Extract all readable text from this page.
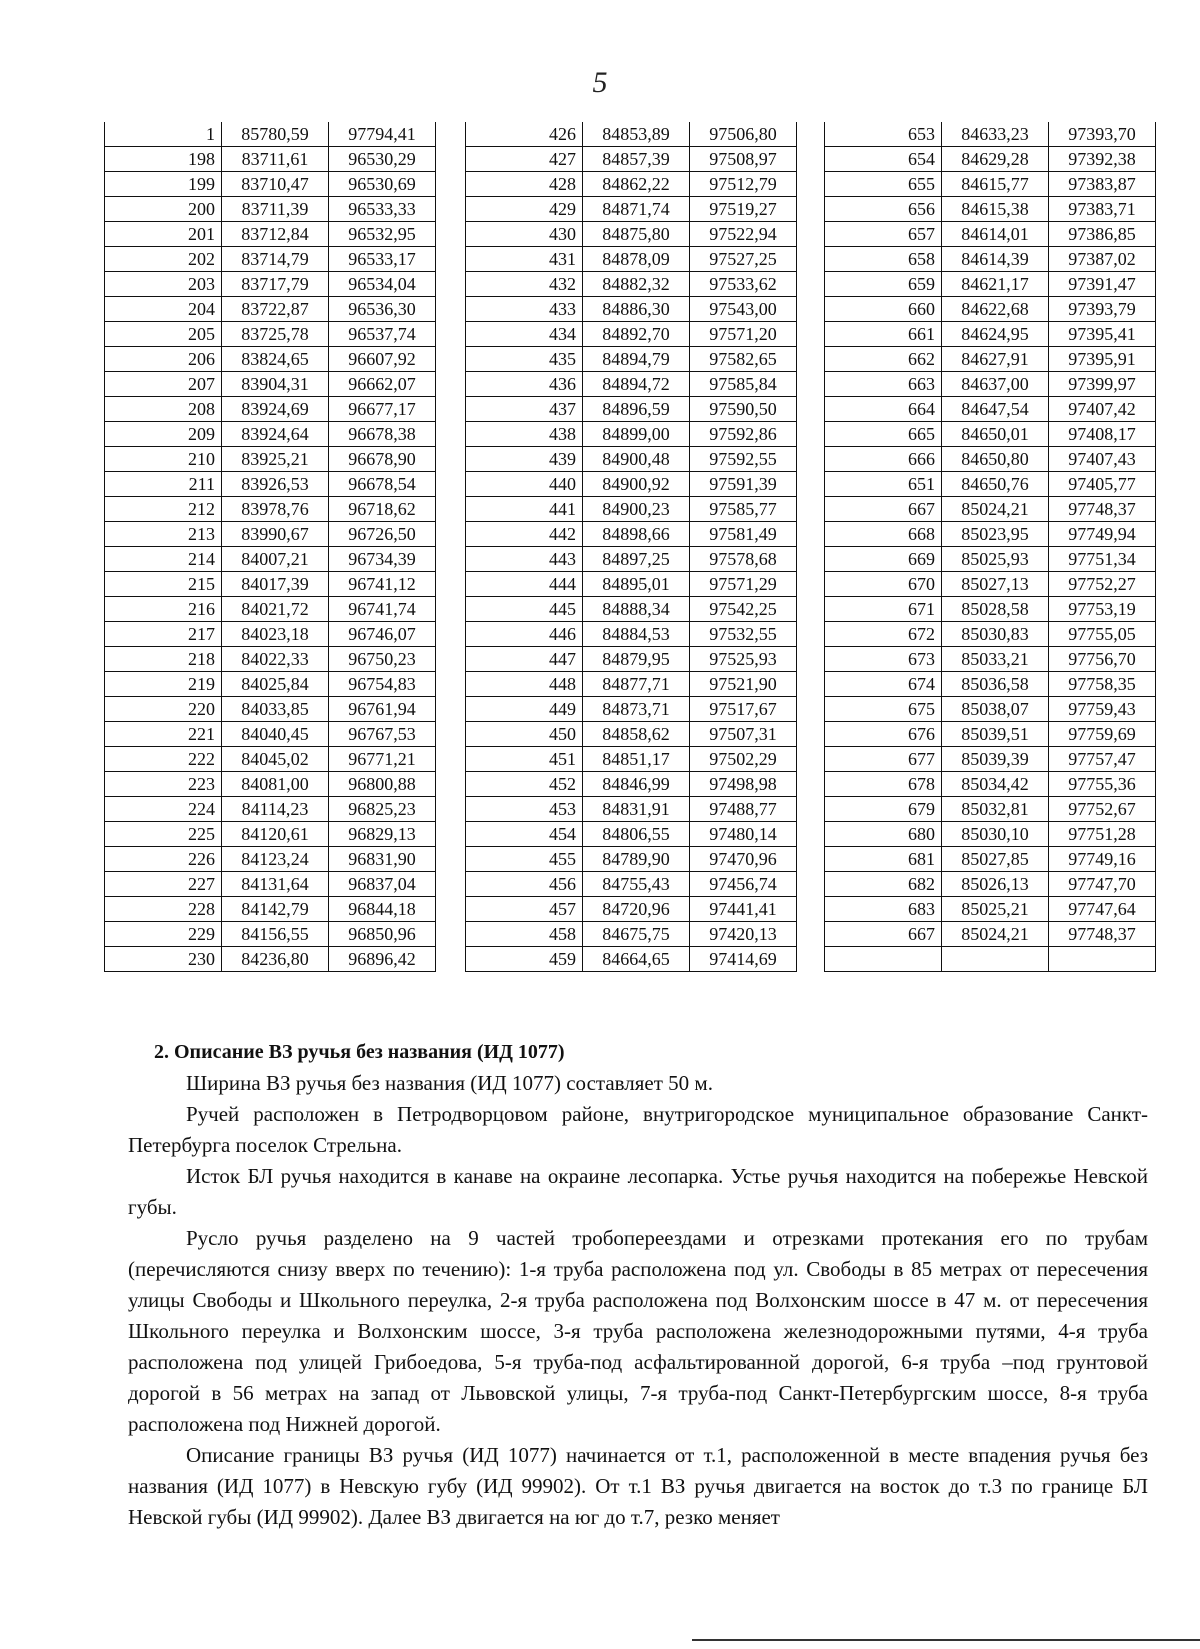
5
1	85780,59	97794,41
198	83711,61	96530,29
199	83710,47	96530,69
200	83711,39	96533,33
201	83712,84	96532,95
202	83714,79	96533,17
203	83717,79	96534,04
204	83722,87	96536,30
205	83725,78	96537,74
206	83824,65	96607,92
207	83904,31	96662,07
208	83924,69	96677,17
209	83924,64	96678,38
210	83925,21	96678,90
211	83926,53	96678,54
212	83978,76	96718,62
213	83990,67	96726,50
214	84007,21	96734,39
215	84017,39	96741,12
216	84021,72	96741,74
217	84023,18	96746,07
218	84022,33	96750,23
219	84025,84	96754,83
220	84033,85	96761,94
221	84040,45	96767,53
222	84045,02	96771,21
223	84081,00	96800,88
224	84114,23	96825,23
225	84120,61	96829,13
226	84123,24	96831,90
227	84131,64	96837,04
228	84142,79	96844,18
229	84156,55	96850,96
230	84236,80	96896,42
426	84853,89	97506,80
427	84857,39	97508,97
428	84862,22	97512,79
429	84871,74	97519,27
430	84875,80	97522,94
431	84878,09	97527,25
432	84882,32	97533,62
433	84886,30	97543,00
434	84892,70	97571,20
435	84894,79	97582,65
436	84894,72	97585,84
437	84896,59	97590,50
438	84899,00	97592,86
439	84900,48	97592,55
440	84900,92	97591,39
441	84900,23	97585,77
442	84898,66	97581,49
443	84897,25	97578,68
444	84895,01	97571,29
445	84888,34	97542,25
446	84884,53	97532,55
447	84879,95	97525,93
448	84877,71	97521,90
449	84873,71	97517,67
450	84858,62	97507,31
451	84851,17	97502,29
452	84846,99	97498,98
453	84831,91	97488,77
454	84806,55	97480,14
455	84789,90	97470,96
456	84755,43	97456,74
457	84720,96	97441,41
458	84675,75	97420,13
459	84664,65	97414,69
653	84633,23	97393,70
654	84629,28	97392,38
655	84615,77	97383,87
656	84615,38	97383,71
657	84614,01	97386,85
658	84614,39	97387,02
659	84621,17	97391,47
660	84622,68	97393,79
661	84624,95	97395,41
662	84627,91	97395,91
663	84637,00	97399,97
664	84647,54	97407,42
665	84650,01	97408,17
666	84650,80	97407,43
651	84650,76	97405,77
667	85024,21	97748,37
668	85023,95	97749,94
669	85025,93	97751,34
670	85027,13	97752,27
671	85028,58	97753,19
672	85030,83	97755,05
673	85033,21	97756,70
674	85036,58	97758,35
675	85038,07	97759,43
676	85039,51	97759,69
677	85039,39	97757,47
678	85034,42	97755,36
679	85032,81	97752,67
680	85030,10	97751,28
681	85027,85	97749,16
682	85026,13	97747,70
683	85025,21	97747,64
667	85024,21	97748,37

2. Описание ВЗ ручья без названия (ИД 1077)

Ширина ВЗ ручья без названия (ИД 1077) составляет 50 м.

Ручей расположен в Петродворцовом районе, внутригородское муниципальное образование Санкт-Петербурга поселок Стрельна.

Исток БЛ ручья находится в канаве на окраине лесопарка. Устье ручья находится на побережье Невской губы.

Русло ручья разделено на 9 частей тробопереездами и отрезками протекания его по трубам (перечисляются снизу вверх по течению): 1-я труба расположена под ул. Свободы в 85 метрах от пересечения улицы Свободы и Школьного переулка, 2-я труба расположена под Волхонским шоссе в 47 м. от пересечения Школьного переулка и Волхонским шоссе, 3-я труба расположена железнодорожными путями, 4-я труба расположена под улицей Грибоедова, 5-я труба-под асфальтированной дорогой, 6-я труба –под грунтовой дорогой в 56 метрах на запад от Львовской улицы, 7-я труба-под Санкт-Петербургским шоссе, 8-я труба расположена под Нижней дорогой.

Описание границы ВЗ ручья (ИД 1077) начинается от т.1, расположенной в месте впадения ручья без названия (ИД 1077) в Невскую губу (ИД 99902). От т.1 ВЗ ручья двигается на восток до т.3 по границе БЛ Невской губы (ИД 99902). Далее ВЗ двигается на юг до т.7, резко меняет
